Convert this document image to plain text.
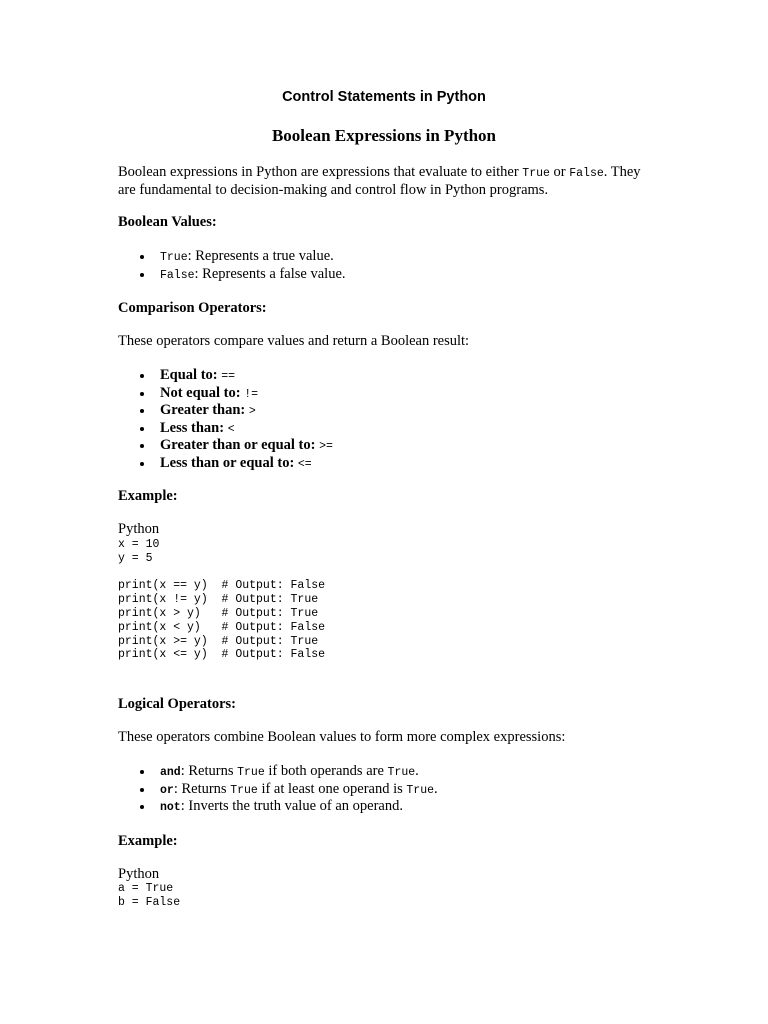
Control Statements in Python
Boolean Expressions in Python

Boolean expressions in Python are expressions that evaluate to either True or False. They are fundamental to decision-making and control flow in Python programs.

Boolean Values:

True: Represents a true value.
False: Represents a false value.

Comparison Operators:

These operators compare values and return a Boolean result:

Equal to: ==
Not equal to: !=
Greater than: >
Less than: <
Greater than or equal to: >=
Less than or equal to: <=

Example:

Python

x = 10
y = 5

print(x == y)  # Output: False
print(x != y)  # Output: True
print(x > y)   # Output: True
print(x < y)   # Output: False
print(x >= y)  # Output: True
print(x <= y)  # Output: False

Logical Operators:

These operators combine Boolean values to form more complex expressions:

and: Returns True if both operands are True.
or: Returns True if at least one operand is True.
not: Inverts the truth value of an operand.

Example:

Python

a = True
b = False
